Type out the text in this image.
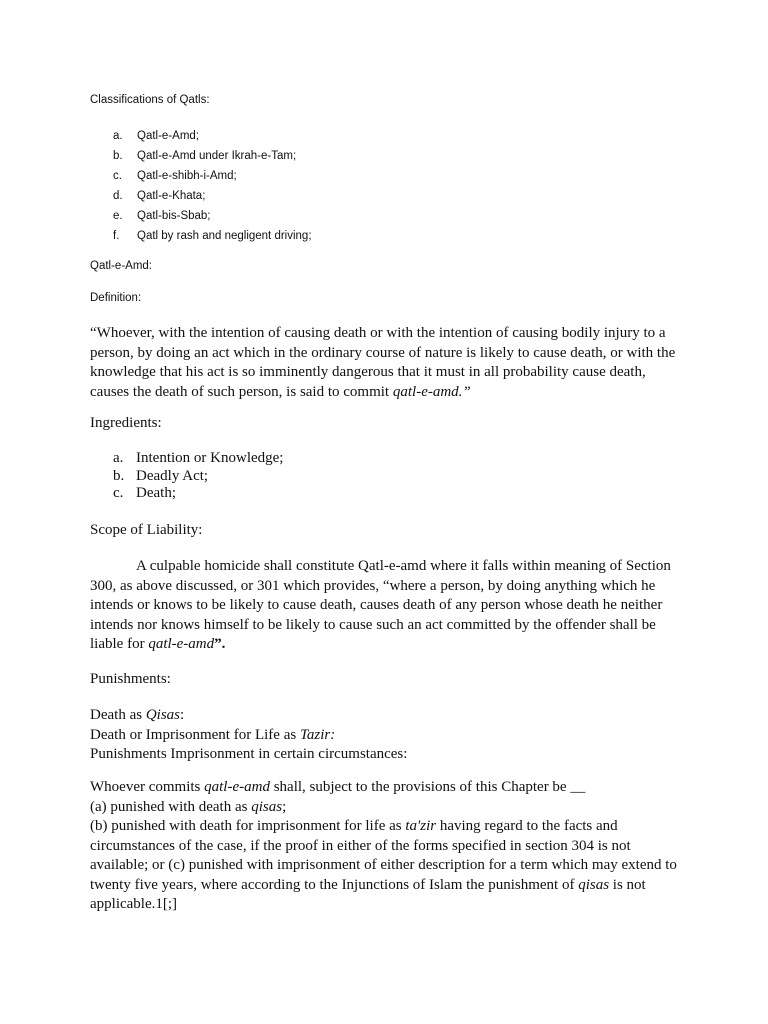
Classifications of Qatls:

a.	Qatl-e-Amd;
b.	Qatl-e-Amd under Ikrah-e-Tam;
c.	Qatl-e-shibh-i-Amd;
d.	Qatl-e-Khata;
e.	Qatl-bis-Sbab;
f.	Qatl by rash and negligent driving;

Qatl-e-Amd:

Definition:

“Whoever, with the intention of causing death or with the intention of causing bodily injury to a person, by doing an act which in the ordinary course of nature is likely to cause death, or with the knowledge that his act is so imminently dangerous that it must in all probability cause death, causes the death of such person, is said to commit qatl-e-amd.”

Ingredients:

a. Intention or Knowledge;
b. Deadly Act;
c. Death;

Scope of Liability:

A culpable homicide shall constitute Qatl-e-amd where it falls within meaning of Section 300, as above discussed, or 301 which provides, “where a person, by doing anything which he intends or knows to be likely to cause death, causes death of any person whose death he neither intends nor knows himself to be likely to cause such an act committed by the offender shall be liable for qatl-e-amd”.

Punishments:

Death as Qisas:
Death or Imprisonment for Life as Tazir:
Punishments Imprisonment in certain circumstances:
Whoever commits qatl-e-amd shall, subject to the provisions of this Chapter be __
(a) punished with death as qisas;
(b) punished with death for imprisonment for life as ta'zir having regard to the facts and circumstances of the case, if the proof in either of the forms specified in section 304 is not available; or (c) punished with imprisonment of either description for a term which may extend to twenty five years, where according to the Injunctions of Islam the punishment of qisas is not applicable.1[;]
